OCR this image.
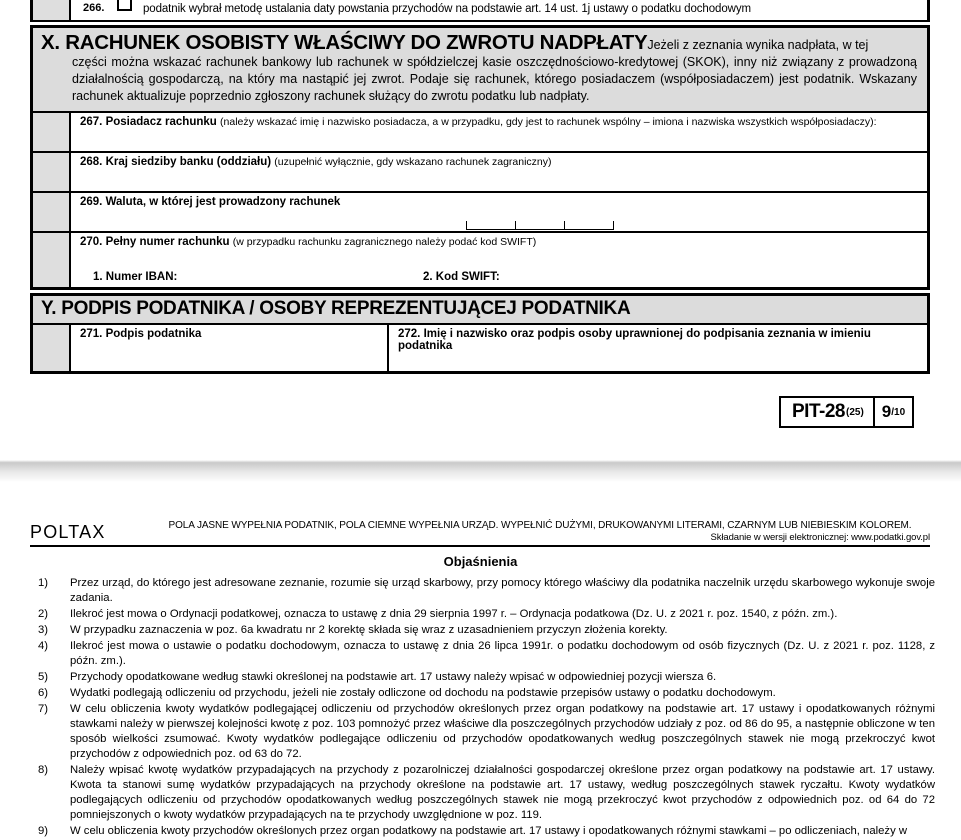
266.	podatnik wybrał metodę ustalania daty powstania przychodów na podstawie art. 14 ust. 1j ustawy o podatku dochodowym
X. RACHUNEK OSOBISTY WŁAŚCIWY DO ZWROTU NADPŁATYJeżeli z zeznania wynika nadpłata, w tej
części można wskazać rachunek bankowy lub rachunek w spółdzielczej kasie oszczędnościowo-kredytowej (SKOK), inny niż związany z prowadzoną działalnością gospodarczą, na który ma nastąpić jej zwrot. Podaje się rachunek, którego posiadaczem (współposiadaczem) jest podatnik. Wskazany rachunek aktualizuje poprzednio zgłoszony rachunek służący do zwrotu podatku lub nadpłaty.
267. Posiadacz rachunku (należy wskazać imię i nazwisko posiadacza, a w przypadku, gdy jest to rachunek wspólny – imiona i nazwiska wszystkich współposiadaczy):
268. Kraj siedziby banku (oddziału) (uzupełnić wyłącznie, gdy wskazano rachunek zagraniczny)
269. Waluta, w której jest prowadzony rachunek
270. Pełny numer rachunku (w przypadku rachunku zagranicznego należy podać kod SWIFT)
1. Numer IBAN:	2. Kod SWIFT:
Y. PODPIS PODATNIKA / OSOBY REPREZENTUJĄCEJ PODATNIKA
271. Podpis podatnika	272. Imię i nazwisko oraz podpis osoby uprawnionej do podpisania zeznania w imieniu podatnika
PIT-28 (25) 9 /10
POLTAX	POLA JASNE WYPEŁNIA PODATNIK, POLA CIEMNE WYPEŁNIA URZĄD. WYPEŁNIĆ DUŻYMI, DRUKOWANYMI LITERAMI, CZARNYM LUB NIEBIESKIM KOLOREM.
Składanie w wersji elektronicznej: www.podatki.gov.pl
Objaśnienia
1)	Przez urząd, do którego jest adresowane zeznanie, rozumie się urząd skarbowy, przy pomocy którego właściwy dla podatnika naczelnik urzędu skarbowego wykonuje swoje zadania.
2)	Ilekroć jest mowa o Ordynacji podatkowej, oznacza to ustawę z dnia 29 sierpnia 1997 r. – Ordynacja podatkowa (Dz. U. z 2021 r. poz. 1540, z późn. zm.).
3)	W przypadku zaznaczenia w poz. 6a kwadratu nr 2 korektę składa się wraz z uzasadnieniem przyczyn złożenia korekty.
4)	Ilekroć jest mowa o ustawie o podatku dochodowym, oznacza to ustawę z dnia 26 lipca 1991r. o podatku dochodowym od osób fizycznych (Dz. U. z 2021 r. poz. 1128, z późn. zm.).
5)	Przychody opodatkowane według stawki określonej na podstawie art. 17 ustawy należy wpisać w odpowiedniej pozycji wiersza 6.
6)	Wydatki podlegają odliczeniu od przychodu, jeżeli nie zostały odliczone od dochodu na podstawie przepisów ustawy o podatku dochodowym.
7)	W celu obliczenia kwoty wydatków podlegającej odliczeniu od przychodów określonych przez organ podatkowy na podstawie art. 17 ustawy i opodatkowanych różnymi stawkami należy w pierwszej kolejności kwotę z poz. 103 pomnożyć przez właściwe dla poszczególnych przychodów udziały z poz. od 86 do 95, a następnie obliczone w ten sposób wielkości zsumować. Kwoty wydatków podlegające odliczeniu od przychodów opodatkowanych według poszczególnych stawek nie mogą przekroczyć kwot przychodów z odpowiednich poz. od 63 do 72.
8)	Należy wpisać kwotę wydatków przypadających na przychody z pozarolniczej działalności gospodarczej określone przez organ podatkowy na podstawie art. 17 ustawy. Kwota ta stanowi sumę wydatków przypadających na przychody określone na podstawie art. 17 ustawy, według poszczególnych stawek ryczałtu. Kwoty wydatków podlegających odliczeniu od przychodów opodatkowanych według poszczególnych stawek nie mogą przekroczyć kwot przychodów z odpowiednich poz. od 64 do 72 pomniejszonych o kwoty wydatków przypadających na te przychody uwzględnione w poz. 119.
9)	W celu obliczenia kwoty przychodów określonych przez organ podatkowy na podstawie art. 17 ustawy i opodatkowanych różnymi stawkami – po odliczeniach, należy w
